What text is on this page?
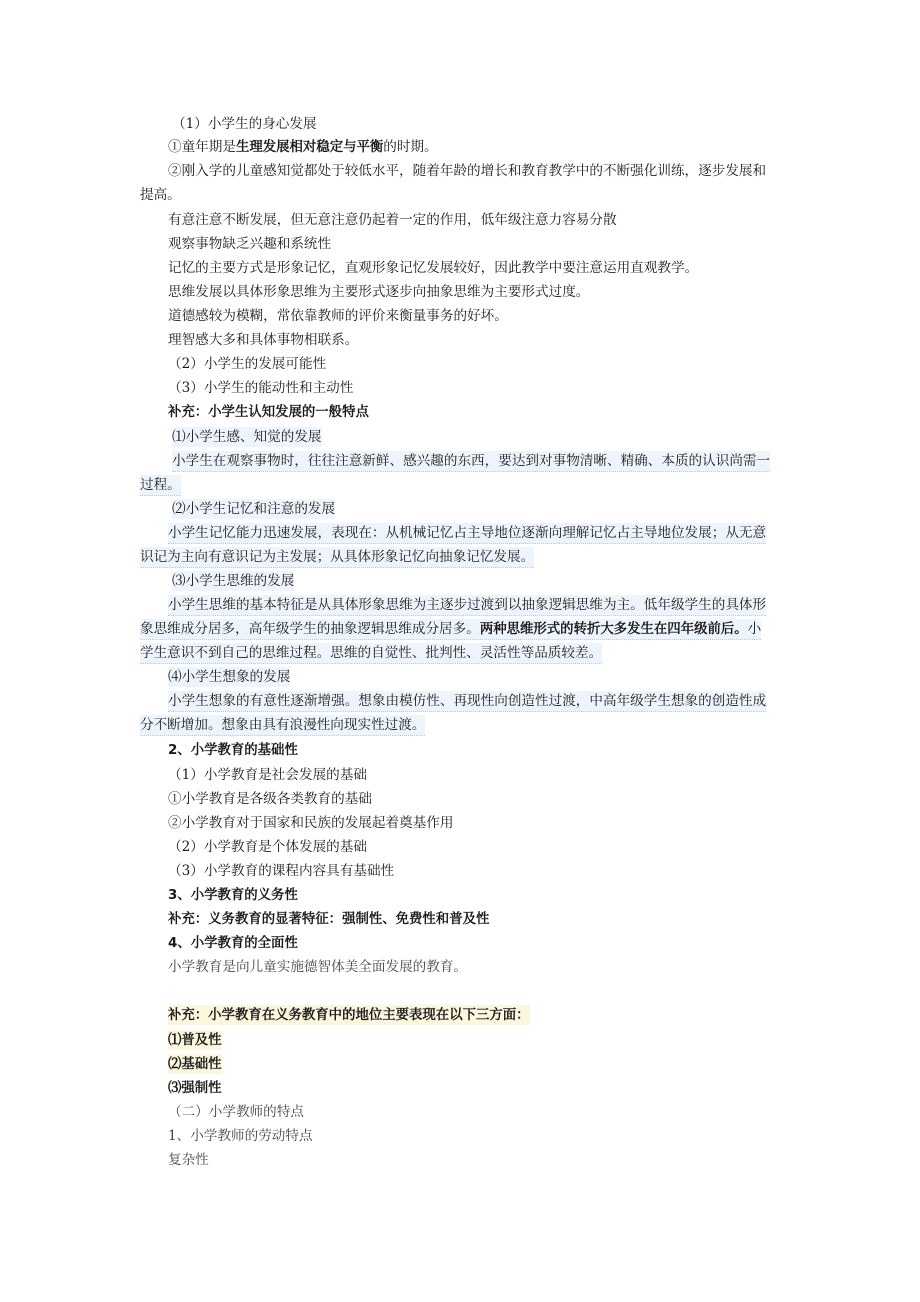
（1）小学生的身心发展
①童年期是生理发展相对稳定与平衡的时期。
②刚入学的儿童感知觉都处于较低水平，随着年龄的增长和教育教学中的不断强化训练，逐步发展和
提高。
有意注意不断发展，但无意注意仍起着一定的作用，低年级注意力容易分散
观察事物缺乏兴趣和系统性
记忆的主要方式是形象记忆，直观形象记忆发展较好，因此教学中要注意运用直观教学。
思维发展以具体形象思维为主要形式逐步向抽象思维为主要形式过度。
道德感较为模糊，常依靠教师的评价来衡量事务的好坏。
理智感大多和具体事物相联系。
（2）小学生的发展可能性
（3）小学生的能动性和主动性
补充：小学生认知发展的一般特点
⑴小学生感、知觉的发展
小学生在观察事物时，往往注意新鲜、感兴趣的东西，要达到对事物清晰、精确、本质的认识尚需一
过程。
⑵小学生记忆和注意的发展
小学生记忆能力迅速发展，表现在：从机械记忆占主导地位逐渐向理解记忆占主导地位发展；从无意
识记为主向有意识记为主发展；从具体形象记忆向抽象记忆发展。
⑶小学生思维的发展
小学生思维的基本特征是从具体形象思维为主逐步过渡到以抽象逻辑思维为主。低年级学生的具体形
象思维成分居多，高年级学生的抽象逻辑思维成分居多。两种思维形式的转折大多发生在四年级前后。小
学生意识不到自己的思维过程。思维的自觉性、批判性、灵活性等品质较差。
⑷小学生想象的发展
小学生想象的有意性逐渐增强。想象由模仿性、再现性向创造性过渡，中高年级学生想象的创造性成
分不断增加。想象由具有浪漫性向现实性过渡。
2、小学教育的基础性
（1）小学教育是社会发展的基础
①小学教育是各级各类教育的基础
②小学教育对于国家和民族的发展起着奠基作用
（2）小学教育是个体发展的基础
（3）小学教育的课程内容具有基础性
3、小学教育的义务性
补充：义务教育的显著特征：强制性、免费性和普及性
4、小学教育的全面性
小学教育是向儿童实施德智体美全面发展的教育。
补充：小学教育在义务教育中的地位主要表现在以下三方面：
⑴普及性
⑵基础性
⑶强制性
（二）小学教师的特点
1、小学教师的劳动特点
复杂性
